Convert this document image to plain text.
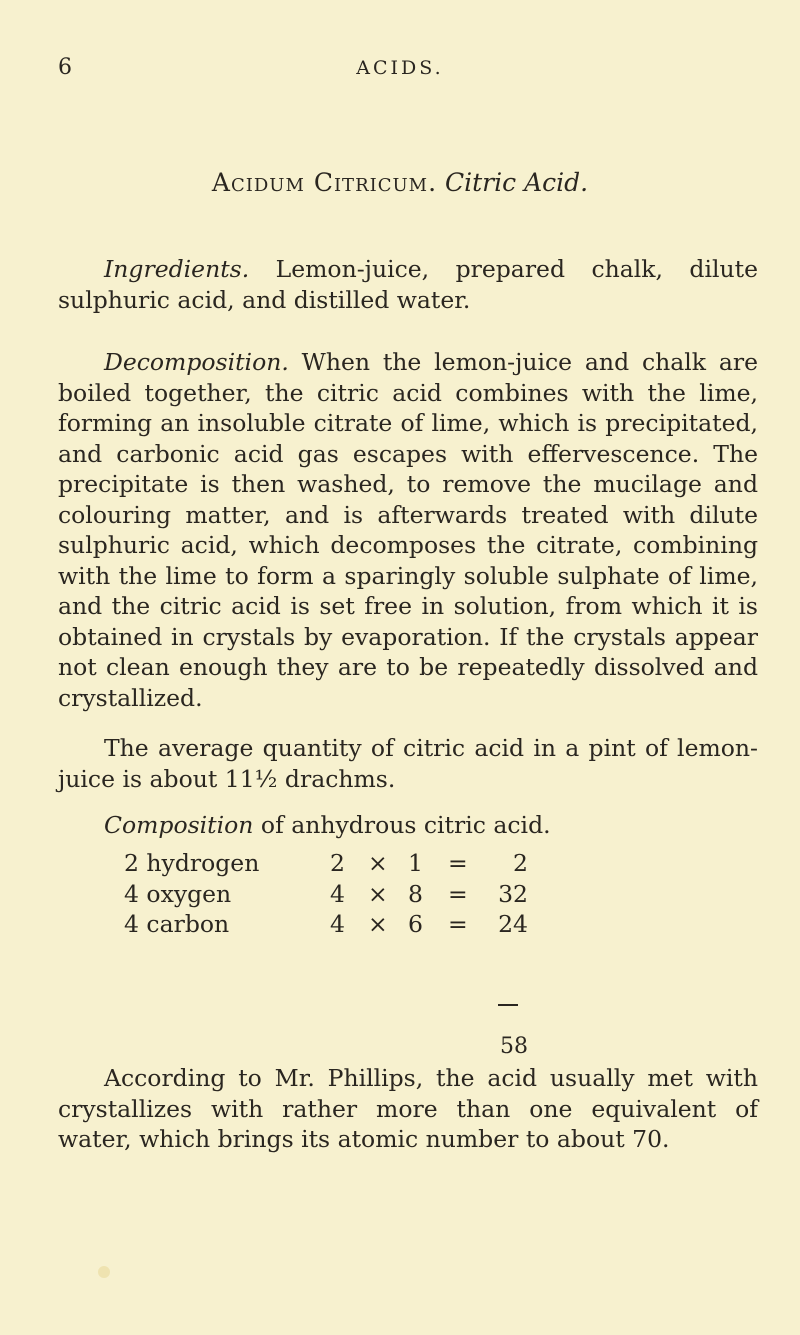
6	ACIDS.
Acidum Citricum. Citric Acid.
Ingredients. Lemon-juice, prepared chalk, dilute sulphuric acid, and distilled water.
Decomposition. When the lemon-juice and chalk are boiled together, the citric acid combines with the lime, forming an insoluble citrate of lime, which is precipitated, and carbonic acid gas escapes with effervescence. The precipitate is then washed, to remove the mucilage and colouring matter, and is afterwards treated with dilute sulphuric acid, which decomposes the citrate, combining with the lime to form a sparingly soluble sulphate of lime, and the citric acid is set free in solution, from which it is obtained in crystals by evaporation. If the crystals appear not clean enough they are to be repeatedly dissolved and crystallized.
The average quantity of citric acid in a pint of lemon-juice is about 11½ drachms.
Composition of anhydrous citric acid.
2 hydrogen	2 × 1 =	2
4 oxygen	4 × 8 =	32
4 carbon	4 × 6 =	24
58
According to Mr. Phillips, the acid usually met with crystallizes with rather more than one equivalent of water, which brings its atomic number to about 70.
